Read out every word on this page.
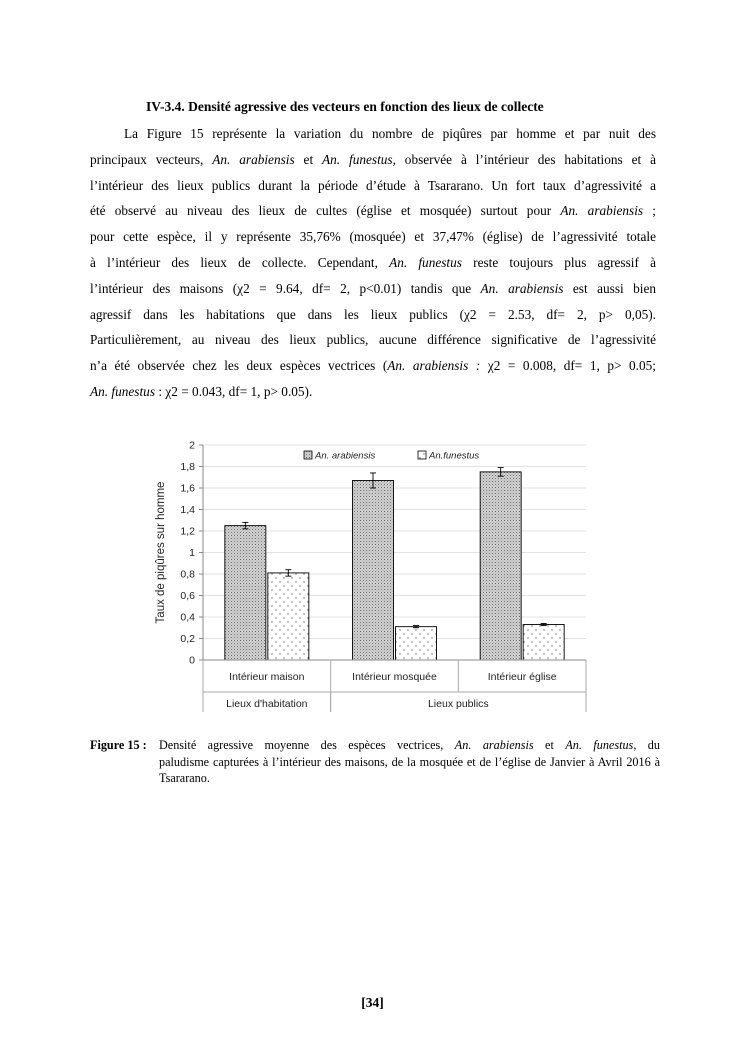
IV-3.4. Densité agressive des vecteurs en fonction des lieux de collecte
La Figure 15 représente la variation du nombre de piqûres par homme et par nuit des
principaux vecteurs, An. arabiensis et An. funestus, observée à l’intérieur des habitations et à
l’intérieur des lieux publics durant la période d’étude à Tsararano. Un fort taux d’agressivité a
été observé au niveau des lieux de cultes (église et mosquée) surtout pour An. arabiensis ;
pour cette espèce, il y représente 35,76% (mosquée) et 37,47% (église) de l’agressivité totale
à l’intérieur des lieux de collecte. Cependant, An. funestus reste toujours plus agressif à
l’intérieur des maisons (χ2 = 9.64, df= 2, p<0.01) tandis que An. arabiensis est aussi bien
agressif dans les habitations que dans les lieux publics (χ2 = 2.53, df= 2, p> 0,05).
Particulièrement, au niveau des lieux publics, aucune différence significative de l’agressivité
n’a été observée chez les deux espèces vectrices (An. arabiensis : χ2 = 0.008, df= 1, p> 0.05;
An. funestus : χ2 = 0.043, df= 1, p> 0.05).
0
0,2
0,4
0,6
0,8
1
1,2
1,4
1,6
1,8
2
Taux de piqûres sur homme
Intérieur maison	Intérieur mosquée	Intérieur église
Lieux d'habitation	Lieux publics
An. arabiensis	An.funestus
Figure 15 : Densité agressive moyenne des espèces vectrices, An. arabiensis et An. funestus, du
paludisme capturées à l’intérieur des maisons, de la mosquée et de l’église de Janvier à Avril 2016 à Tsararano.
[34]
